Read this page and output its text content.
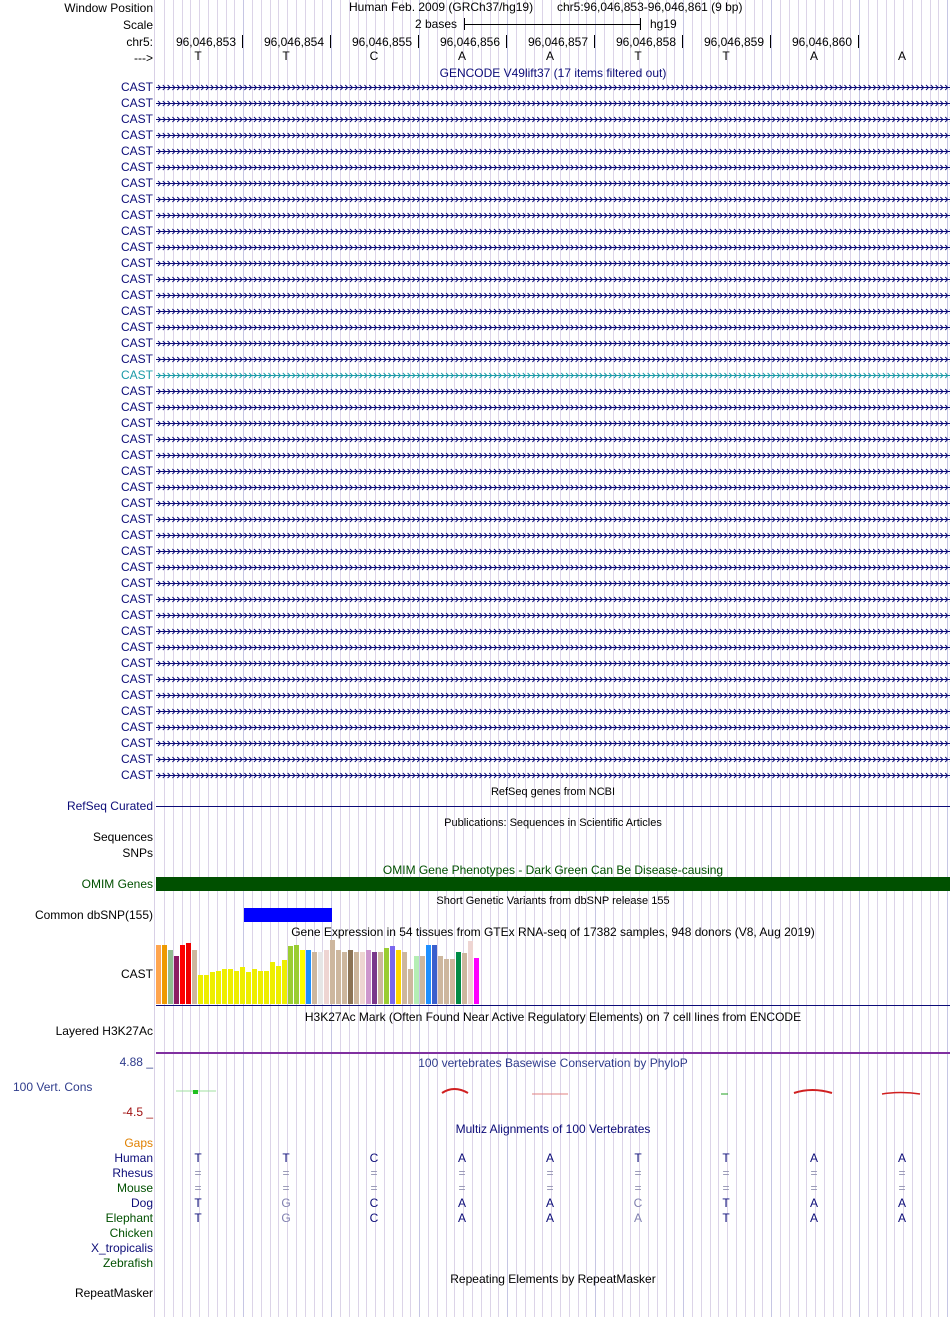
Window Position
Scale
chr5:
--->
Human Feb. 2009 (GRCh37/hg19) chr5:96,046,853-96,046,861 (9 bp)
2 bases	hg19
96,046,853 96,046,854 96,046,855 96,046,856 96,046,857 96,046,858 96,046,859 96,046,860
T	T	C	A	A	T	T	A	A
GENCODE V49lift37 (17 items filtered out)
CAST
CAST
CAST
CAST
CAST
CAST
CAST
CAST
CAST
CAST
CAST
CAST
CAST
CAST
CAST
CAST
CAST
CAST
CAST
CAST
CAST
CAST
CAST
CAST
CAST
CAST
CAST
CAST
CAST
CAST
CAST
CAST
CAST
CAST
CAST
CAST
CAST
CAST
CAST
CAST
CAST
CAST
CAST
CAST
RefSeq genes from NCBI
RefSeq Curated
Publications: Sequences in Scientific Articles
Sequences
SNPs
OMIM Gene Phenotypes - Dark Green Can Be Disease-causing
OMIM Genes
Short Genetic Variants from dbSNP release 155
Common dbSNP(155)
Gene Expression in 54 tissues from GTEx RNA-seq of 17382 samples, 948 donors (V8, Aug 2019)
CAST
H3K27Ac Mark (Often Found Near Active Regulatory Elements) on 7 cell lines from ENCODE
Layered H3K27Ac
100 vertebrates Basewise Conservation by PhyloP
4.88 _
100 Vert. Cons
-4.5 _
Multiz Alignments of 100 Vertebrates
Gaps
Human	T	T	C	A	A	T	T	A	A
Rhesus	=	=	=	=	=	=	=	=	=
Mouse	=	=	=	=	=	=	=	=	=
Dog	T	G	C	A	A	C	T	A	A
Elephant	T	G	C	A	A	A	T	A	A
Chicken
X_tropicalis
Zebrafish
Repeating Elements by RepeatMasker
RepeatMasker
